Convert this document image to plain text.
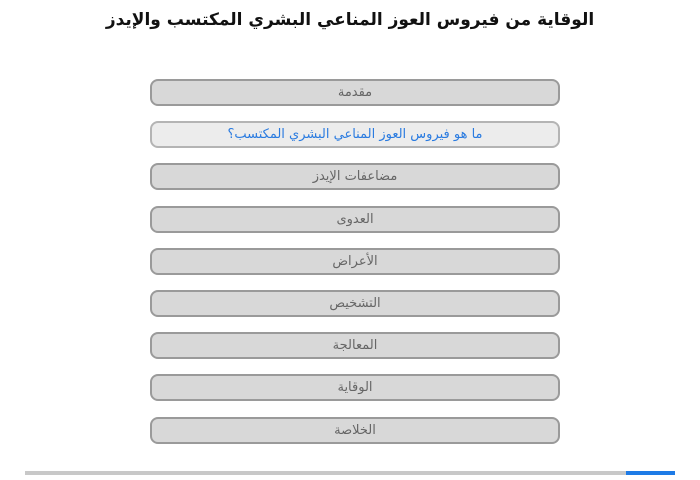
الوقاية من فيروس العوز المناعي البشري المكتسب والإيدز
مقدمة
ما هو فيروس العوز المناعي البشري المكتسب؟
مضاعفات الإيدز
العدوى
الأعراض
التشخيص
المعالجة
الوقاية
الخلاصة
